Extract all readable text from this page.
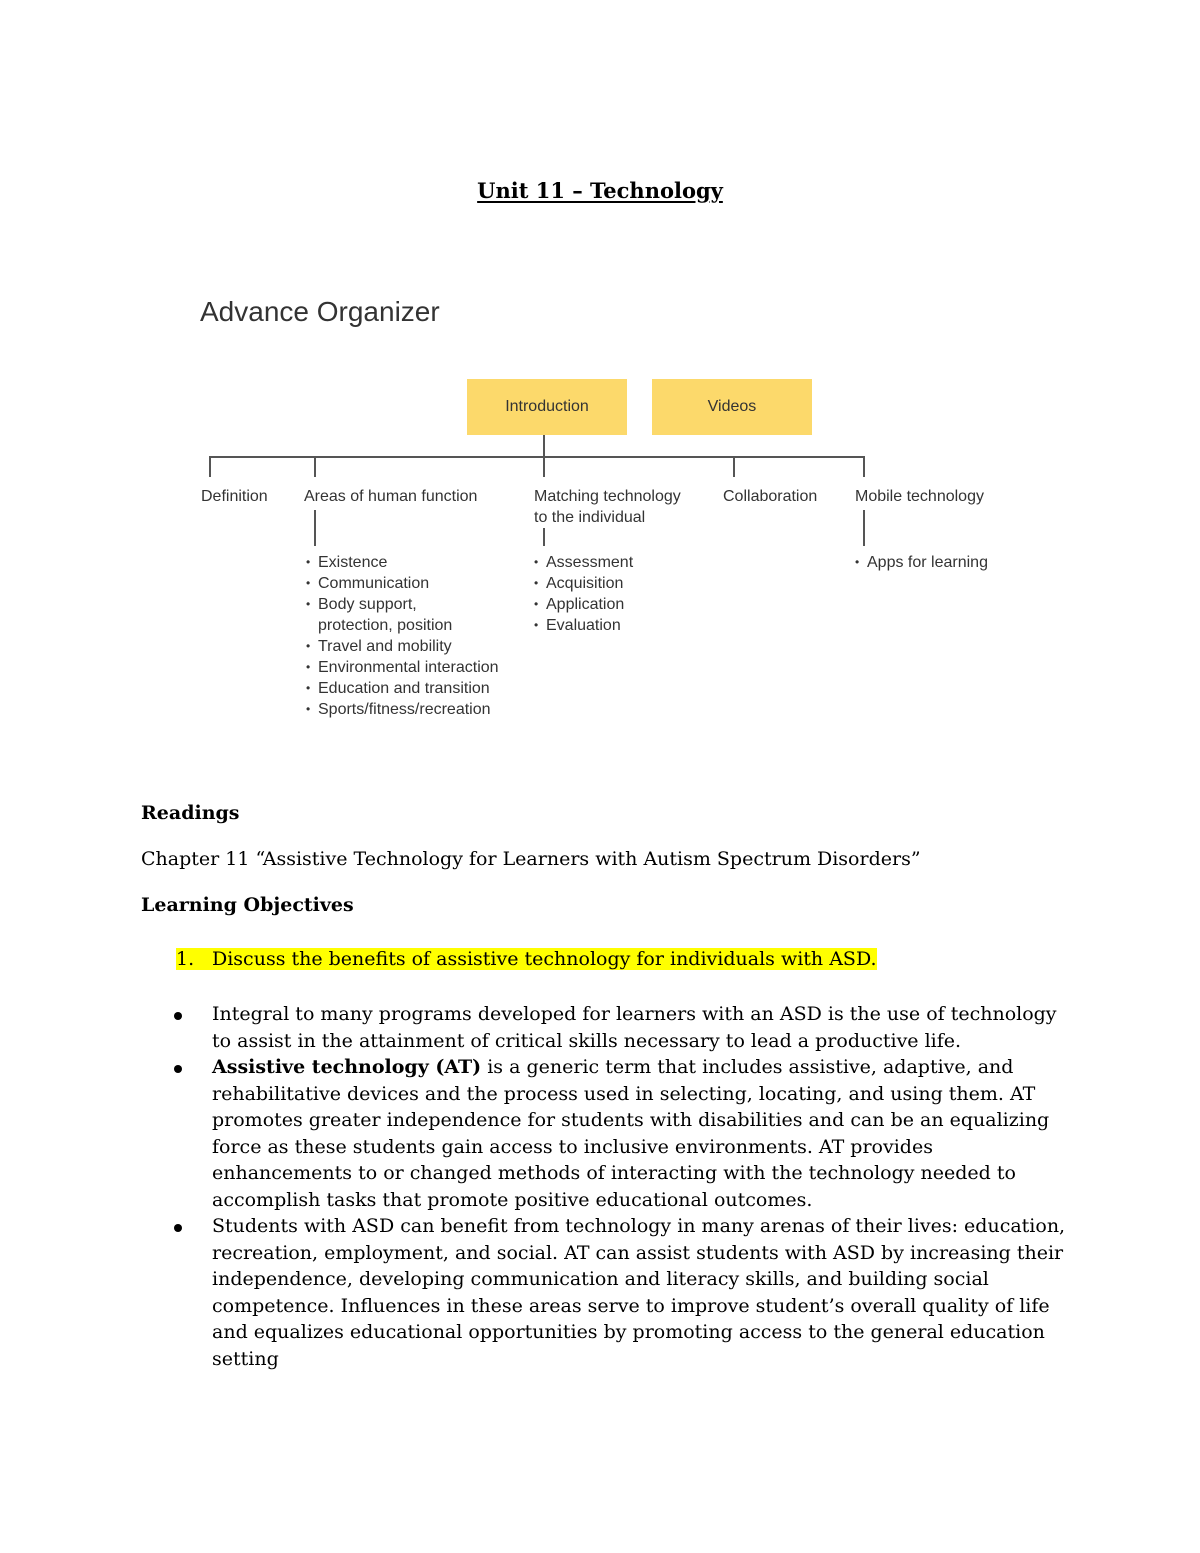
Unit 11 – Technology
Advance Organizer
Introduction	Videos
Definition Areas of human function	Matching technology
to the individual
Collaboration Mobile technology
• Existence
• Communication
• Body support,
protection, position
• Travel and mobility
• Environmental interaction
• Education and transition
• Sports/fitness/recreation
• Assessment
• Acquisition
• Application
• Evaluation
• Apps for learning
Readings
Chapter 11 “Assistive Technology for Learners with Autism Spectrum Disorders”
Learning Objectives
1. Discuss the benefits of assistive technology for individuals with ASD.
Integral to many programs developed for learners with an ASD is the use of technology to assist in the attainment of critical skills necessary to lead a productive life.
Assistive technology (AT) is a generic term that includes assistive, adaptive, and rehabilitative devices and the process used in selecting, locating, and using them. AT promotes greater independence for students with disabilities and can be an equalizing force as these students gain access to inclusive environments. AT provides enhancements to or changed methods of interacting with the technology needed to accomplish tasks that promote positive educational outcomes.
Students with ASD can benefit from technology in many arenas of their lives: education, recreation, employment, and social. AT can assist students with ASD by increasing their independence, developing communication and literacy skills, and building social competence. Influences in these areas serve to improve student’s overall quality of life and equalizes educational opportunities by promoting access to the general education setting
